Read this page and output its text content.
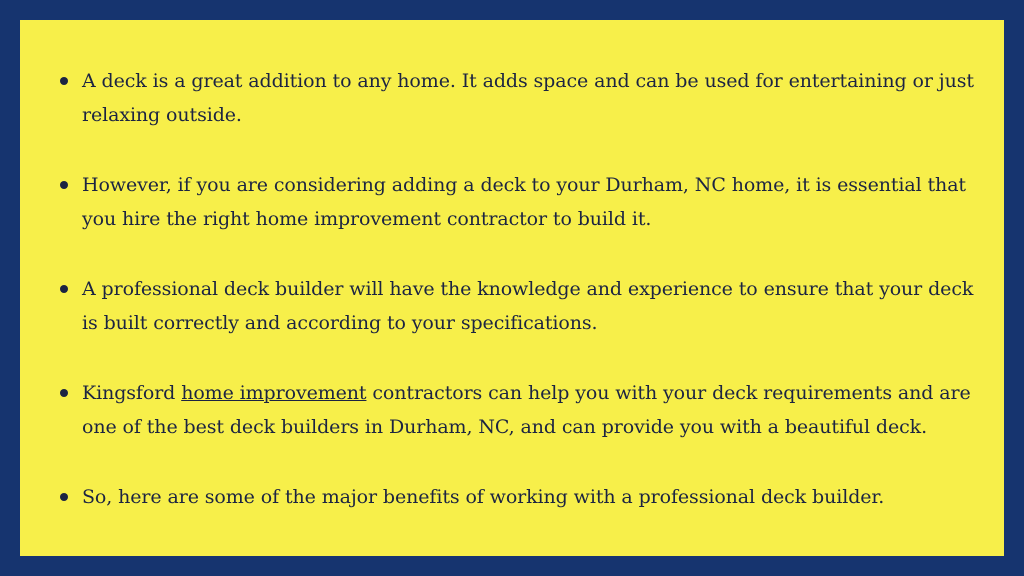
A deck is a great addition to any home. It adds space and can be used for entertaining or just relaxing outside.
However, if you are considering adding a deck to your Durham, NC home, it is essential that you hire the right home improvement contractor to build it.
A professional deck builder will have the knowledge and experience to ensure that your deck is built correctly and according to your specifications.
Kingsford home improvement contractors can help you with your deck requirements and are one of the best deck builders in Durham, NC, and can provide you with a beautiful deck.
So, here are some of the major benefits of working with a professional deck builder.
